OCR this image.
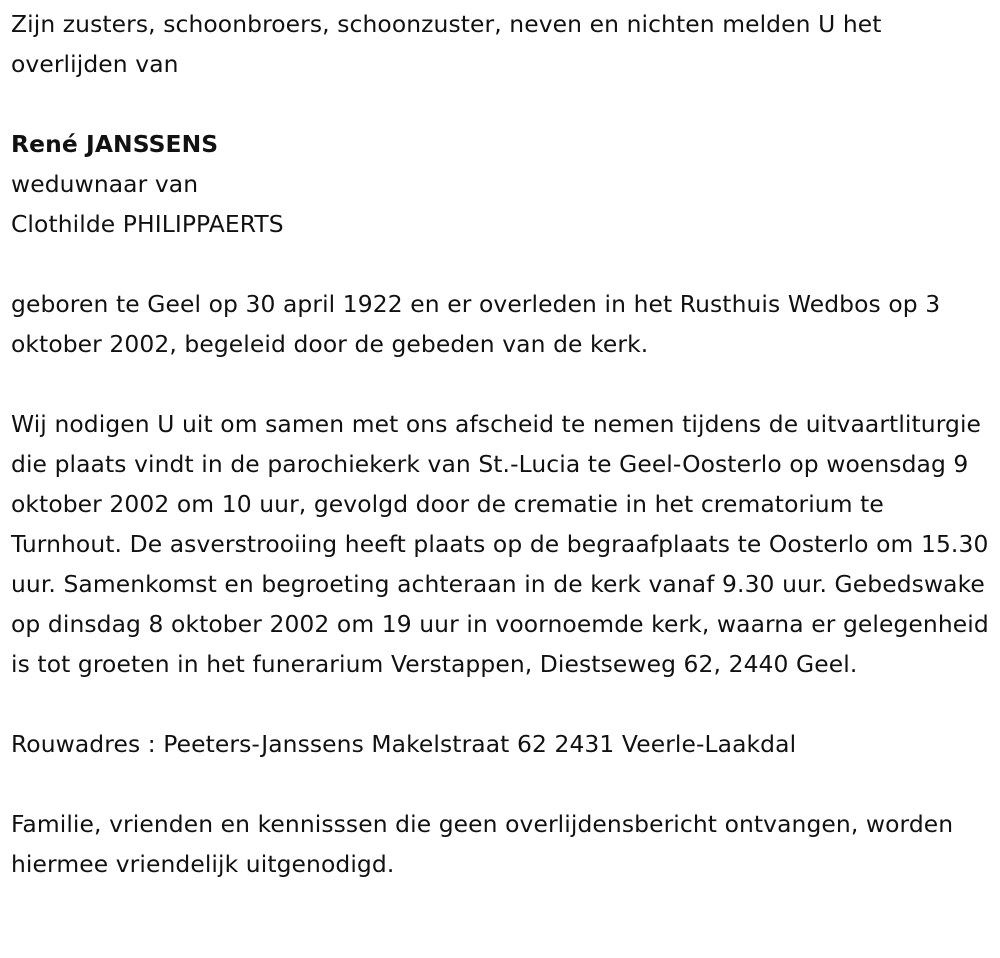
Zijn zusters, schoonbroers, schoonzuster, neven en nichten melden U het overlijden van

René JANSSENS

weduwnaar van

Clothilde PHILIPPAERTS

geboren te Geel op 30 april 1922 en er overleden in het Rusthuis Wedbos op 3 oktober 2002, begeleid door de gebeden van de kerk.

Wij nodigen U uit om samen met ons afscheid te nemen tijdens de uitvaartliturgie die plaats vindt in de parochiekerk van St.-Lucia te Geel-Oosterlo op woensdag 9 oktober 2002 om 10 uur, gevolgd door de crematie in het crematorium te Turnhout. De asverstrooiing heeft plaats op de begraafplaats te Oosterlo om 15.30 uur. Samenkomst en begroeting achteraan in de kerk vanaf 9.30 uur. Gebedswake op dinsdag 8 oktober 2002 om 19 uur in voornoemde kerk, waarna er gelegenheid is tot groeten in het funerarium Verstappen, Diestseweg 62, 2440 Geel.

Rouwadres : Peeters-Janssens Makelstraat 62 2431 Veerle-Laakdal

Familie, vrienden en kennisssen die geen overlijdensbericht ontvangen, worden hiermee vriendelijk uitgenodigd.
